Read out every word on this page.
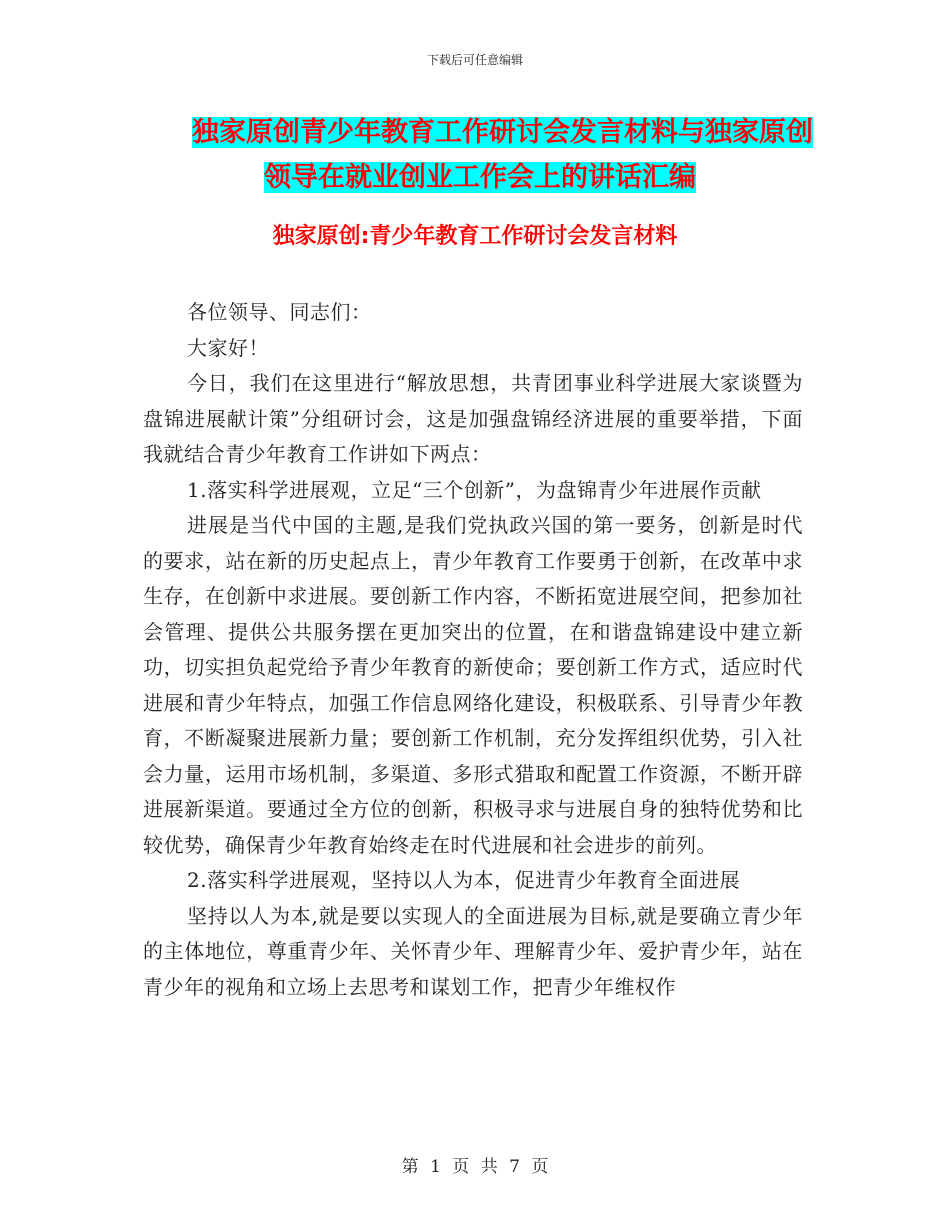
下载后可任意编辑
独家原创青少年教育工作研讨会发言材料与独家原创
领导在就业创业工作会上的讲话汇编
独家原创:青少年教育工作研讨会发言材料

各位领导、同志们：

大家好！

今日，我们在这里进行“解放思想，共青团事业科学进展大家谈暨为盘锦进展献计策”分组研讨会，这是加强盘锦经济进展的重要举措，下面我就结合青少年教育工作讲如下两点：

1.落实科学进展观，立足“三个创新”，为盘锦青少年进展作贡献

进展是当代中国的主题,是我们党执政兴国的第一要务，创新是时代的要求，站在新的历史起点上，青少年教育工作要勇于创新，在改革中求生存，在创新中求进展。要创新工作内容，不断拓宽进展空间，把参加社会管理、提供公共服务摆在更加突出的位置，在和谐盘锦建设中建立新功，切实担负起党给予青少年教育的新使命；要创新工作方式，适应时代进展和青少年特点，加强工作信息网络化建设，积极联系、引导青少年教育，不断凝聚进展新力量；要创新工作机制，充分发挥组织优势，引入社会力量，运用市场机制，多渠道、多形式猎取和配置工作资源，不断开辟进展新渠道。要通过全方位的创新，积极寻求与进展自身的独特优势和比较优势，确保青少年教育始终走在时代进展和社会进步的前列。

2.落实科学进展观，坚持以人为本，促进青少年教育全面进展

坚持以人为本,就是要以实现人的全面进展为目标,就是要确立青少年的主体地位，尊重青少年、关怀青少年、理解青少年、爱护青少年，站在青少年的视角和立场上去思考和谋划工作，把青少年维权作

第 1 页 共 7 页
